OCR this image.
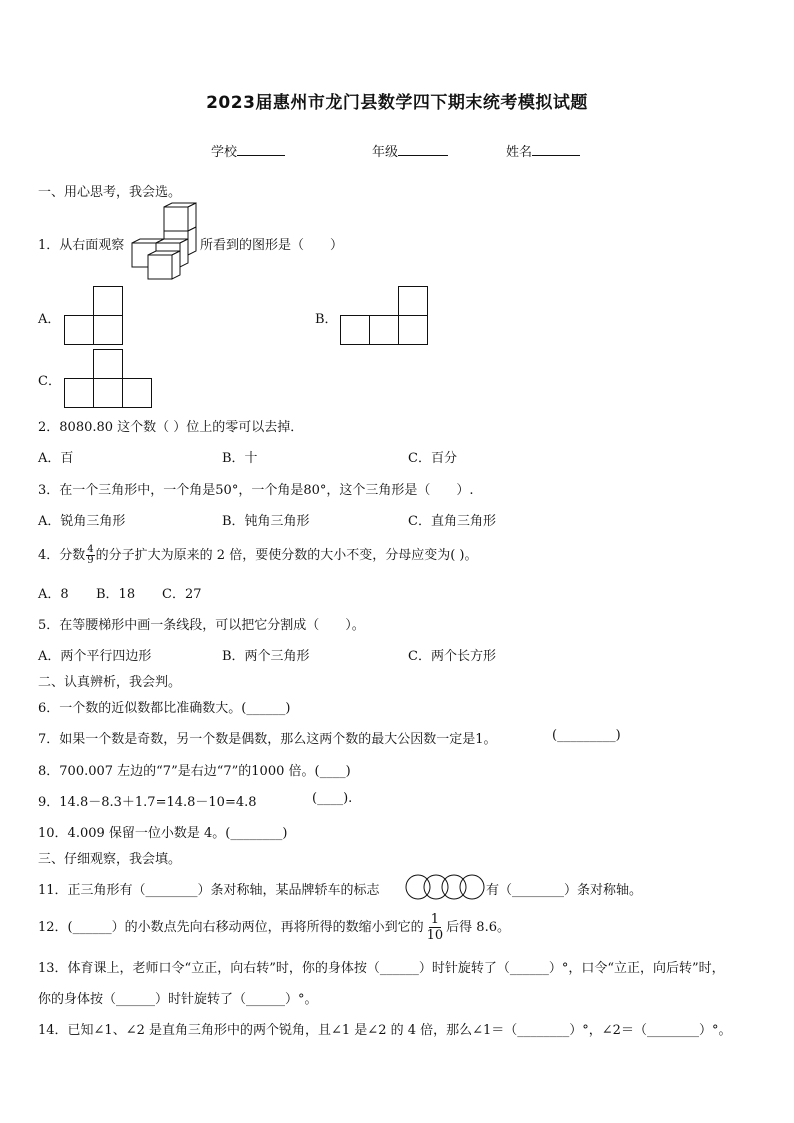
2023届惠州市龙门县数学四下期末统考模拟试题
学校	年级	姓名
一、用心思考，我会选。
1．从右面观察	所看到的图形是（　　）
A．	B．
C．
2．8080.80 这个数（ ）位上的零可以去掉．
A．百	B．十	C．百分
3．在一个三角形中，一个角是50°，一个角是80°，这个三角形是（　　）.
A．锐角三角形	B．钝角三角形	C．直角三角形
4．分数 $\frac{4}{9}$ 的分子扩大为原来的 2 倍，要使分数的大小不变，分母应变为( )。
A．8 B．18 C．27
5．在等腰梯形中画一条线段，可以把它分割成（　　）。
A．两个平行四边形	B．两个三角形	C．两个长方形
二、认真辨析，我会判。
6．一个数的近似数都比准确数大。(______)
7．如果一个数是奇数，另一个数是偶数，那么这两个数的最大公因数一定是1。	(_________)
8．700.007 左边的“7”是右边“7”的1000 倍。(____)
9．14.8－8.3＋1.7=14.8－10=4.8	(____).
10．4.009 保留一位小数是 4。(________)
三、仔细观察，我会填。
11．正三角形有（________）条对称轴，某品牌轿车的标志	有（________）条对称轴。
12．(______）的小数点先向右移动两位，再将所得的数缩小到它的 $\frac{1}{10}$ 后得 8.6。
13．体育课上，老师口令“立正，向右转”时，你的身体按（______）时针旋转了（______）°，口令“立正，向后转”时，
你的身体按（______）时针旋转了（______）°。
14．已知∠1、∠2 是直角三角形中的两个锐角，且∠1 是∠2 的 4 倍，那么∠1＝（________）°，∠2＝（________）°。
